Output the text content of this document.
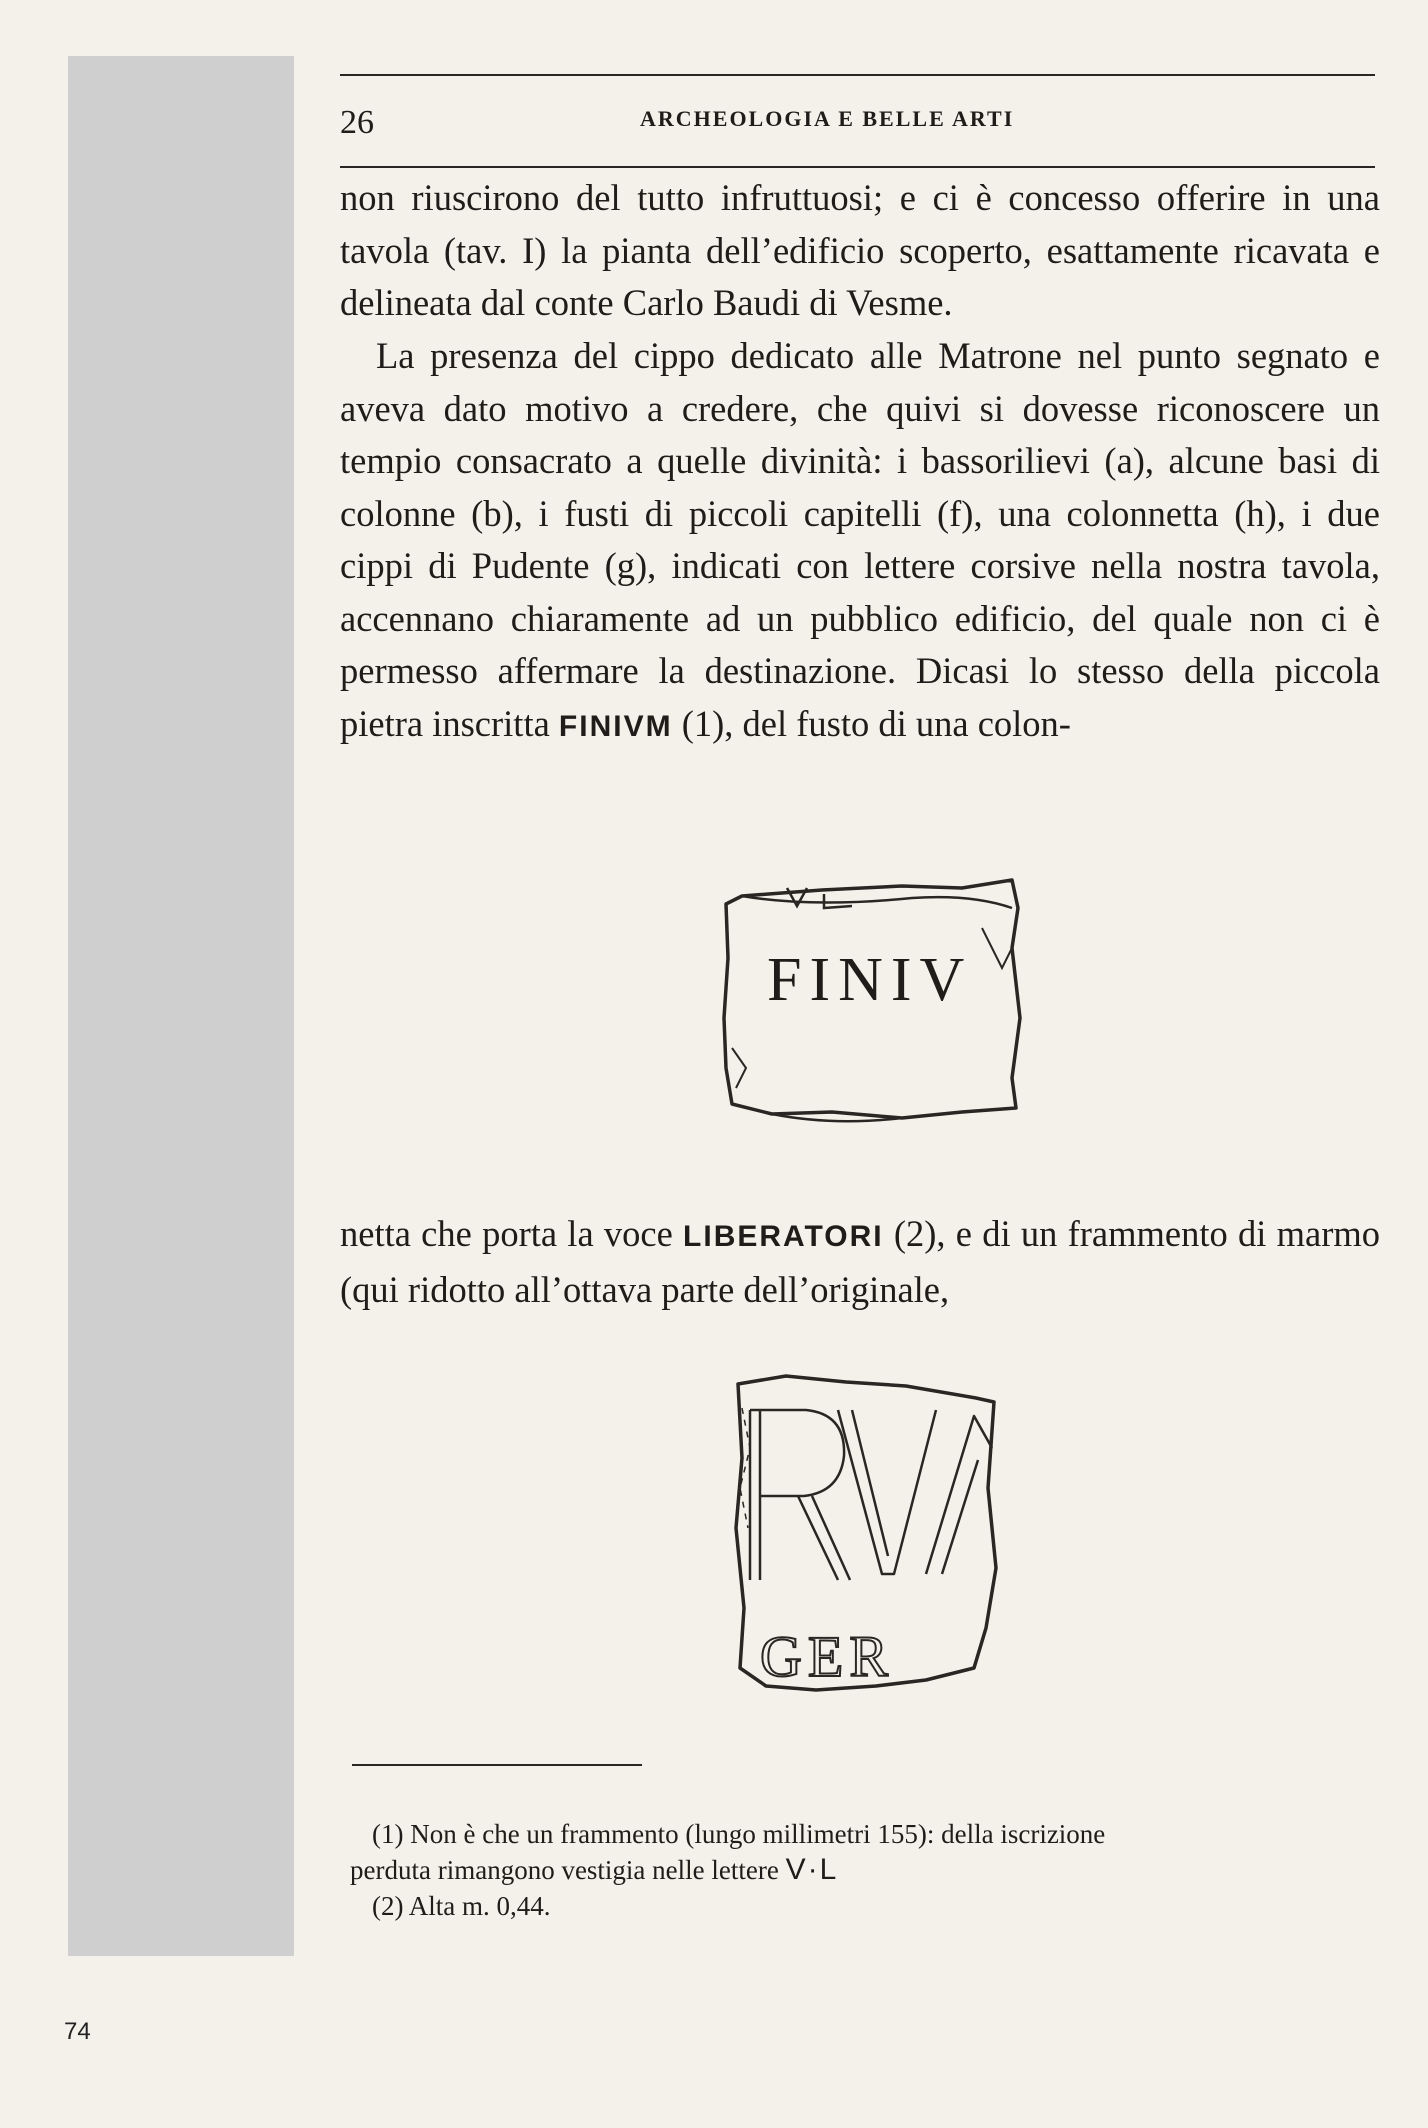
26	ARCHEOLOGIA E BELLE ARTI

non riuscirono del tutto infruttuosi; e ci è concesso offerire in una tavola (tav. I) la pianta dell’edificio scoperto, esattamente ricavata e delineata dal conte Carlo Baudi di Vesme.

La presenza del cippo dedicato alle Matrone nel punto segnato e aveva dato motivo a credere, che quivi si dovesse riconoscere un tempio consacrato a quelle divinità: i bassorilievi (a), alcune basi di colonne (b), i fusti di piccoli capitelli (f), una colonnetta (h), i due cippi di Pudente (g), indicati con lettere corsive nella nostra tavola, accennano chiaramente ad un pubblico edificio, del quale non ci è permesso affermare la destinazione. Dicasi lo stesso della piccola pietra inscritta FINIVM (1), del fusto di una colon-

FINIV

netta che porta la voce LIBERATORI (2), e di un frammento di marmo (qui ridotto all’ottava parte dell’originale,

GER
RVA

(1) Non è che un frammento (lungo millimetri 155): della iscrizione

perduta rimangono vestigia nelle lettere V·L

(2) Alta m. 0,44.

74
